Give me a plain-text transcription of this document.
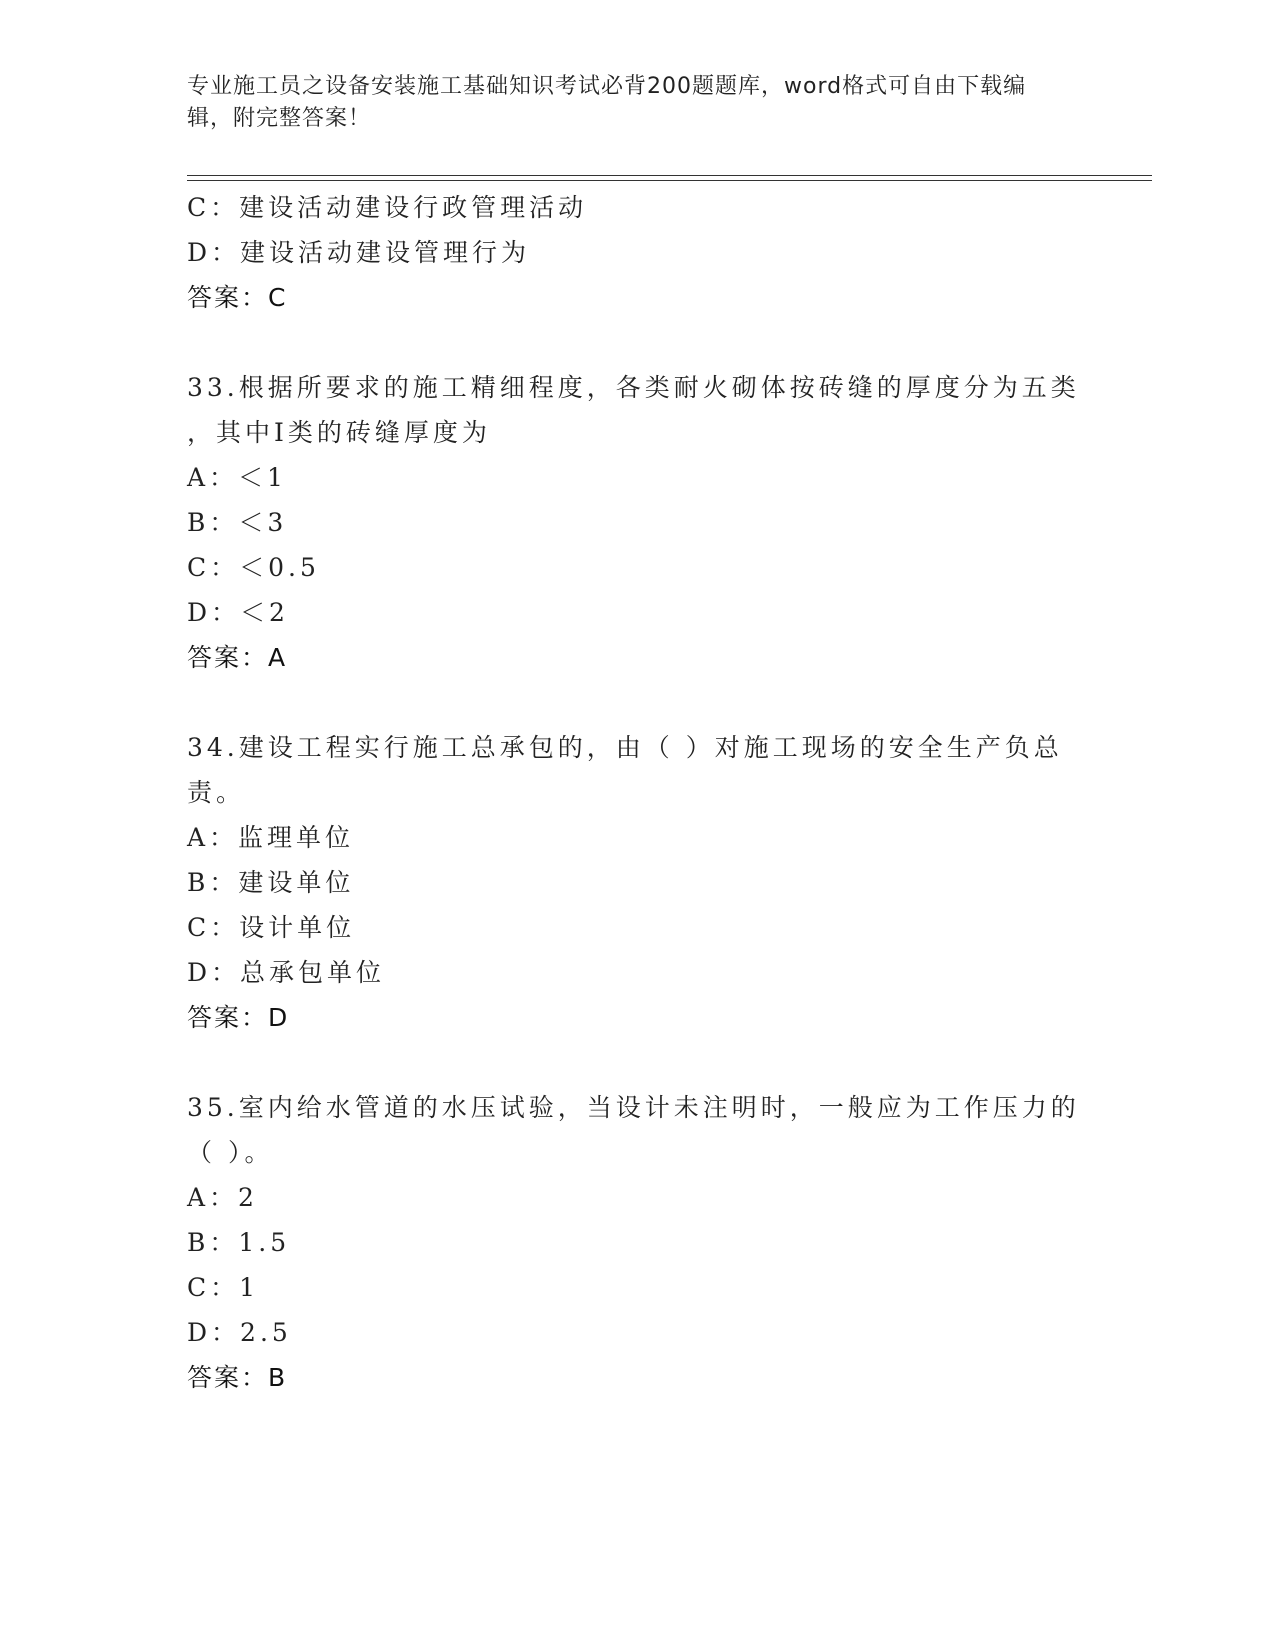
专业施工员之设备安装施工基础知识考试必背200题题库，word格式可自由下载编辑，附完整答案！
C：建设活动建设行政管理活动
D：建设活动建设管理行为
答案：C
33.根据所要求的施工精细程度，各类耐火砌体按砖缝的厚度分为五类
，其中Ⅰ类的砖缝厚度为
A：＜1
B：＜3
C：＜0.5
D：＜2
答案：A
34.建设工程实行施工总承包的，由（ ）对施工现场的安全生产负总
责。
A：监理单位
B：建设单位
C：设计单位
D：总承包单位
答案：D
35.室内给水管道的水压试验，当设计未注明时，一般应为工作压力的
（ ）。
A：2
B：1.5
C：1
D：2.5
答案：B
